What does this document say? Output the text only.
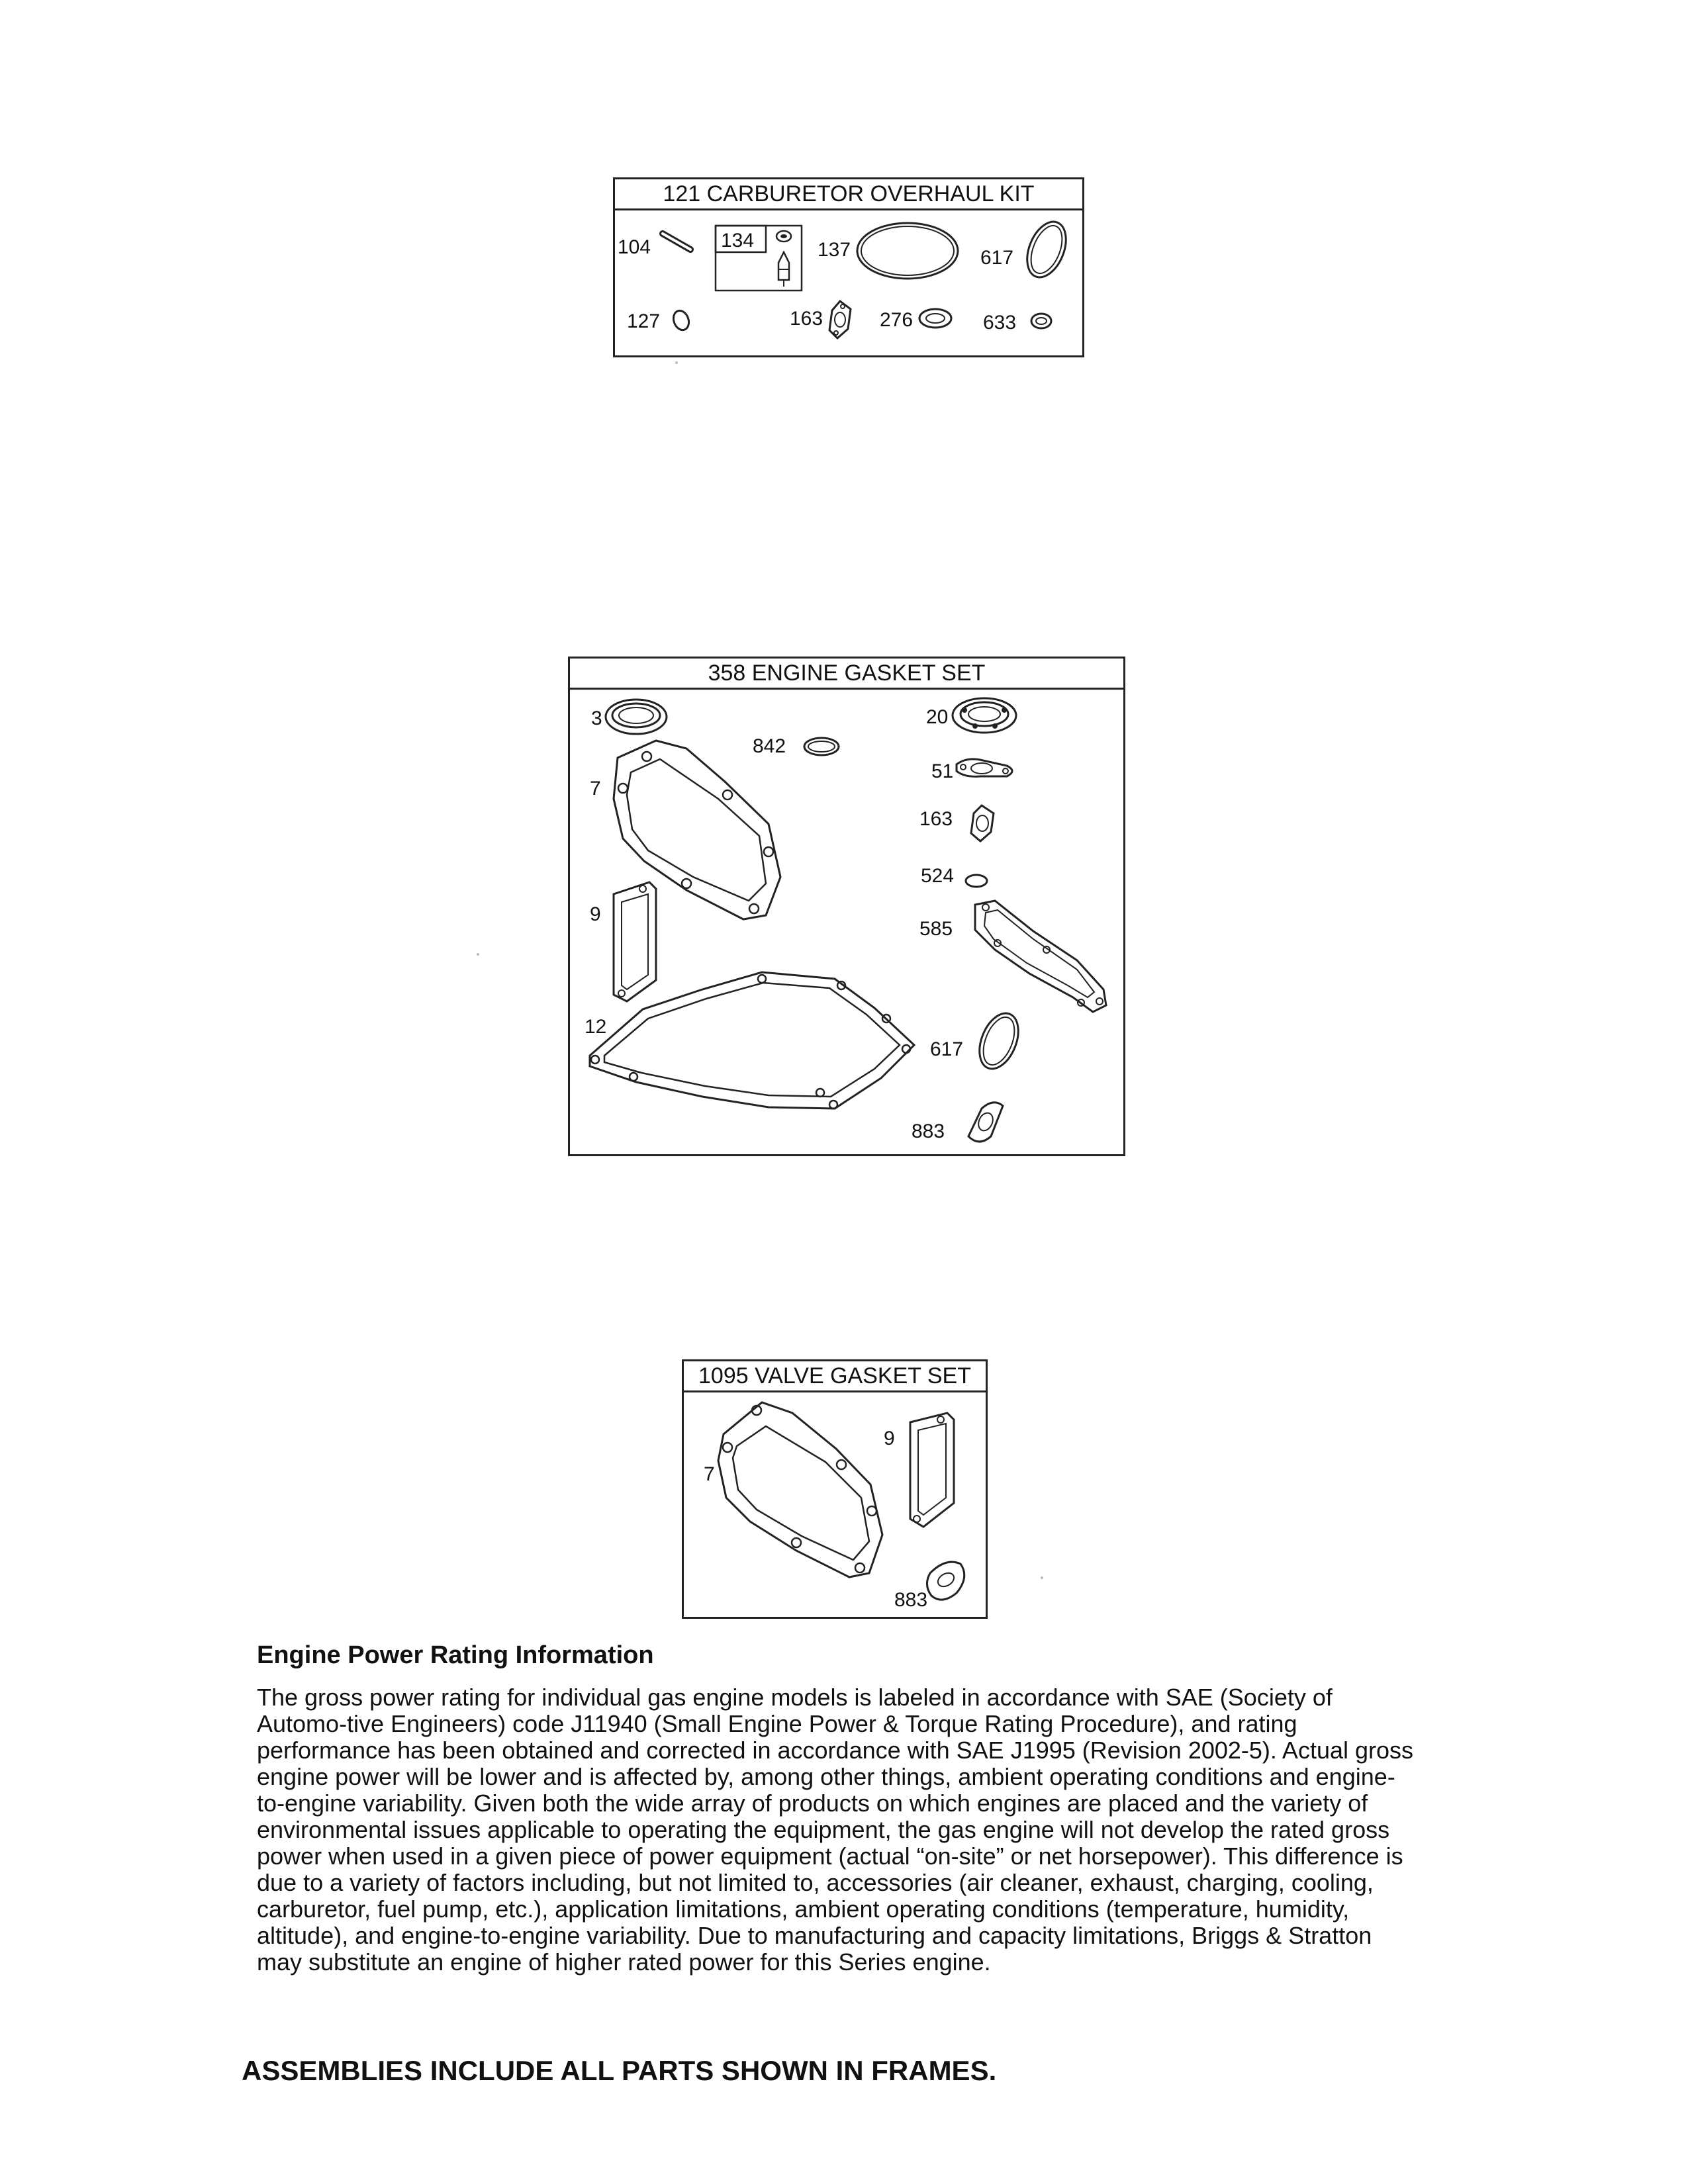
121 CARBURETOR OVERHAUL KIT
104	134	137	617
127	163	276	633
358 ENGINE GASKET SET
3
842
20
51
7
163
524
9
585
12
617
883
1095 VALVE GASKET SET
7
9
883
Engine Power Rating Information
The gross power rating for individual gas engine models is labeled in accordance with SAE (Society of Automo-tive Engineers) code J11940 (Small Engine Power & Torque Rating Procedure), and rating performance has been obtained and corrected in accordance with SAE J1995 (Revision 2002-5). Actual gross engine power will be lower and is affected by, among other things, ambient operating conditions and engine-to-engine variability. Given both the wide array of products on which engines are placed and the variety of environmental issues applicable to operating the equipment, the gas engine will not develop the rated gross power when used in a given piece of power equipment (actual “on-site” or net horsepower). This difference is due to a variety of factors including, but not limited to, accessories (air cleaner, exhaust, charging, cooling, carburetor, fuel pump, etc.), application limitations, ambient operating conditions (temperature, humidity, altitude), and engine-to-engine variability. Due to manufacturing and capacity limitations, Briggs & Stratton may substitute an engine of higher rated power for this Series engine.
ASSEMBLIES INCLUDE ALL PARTS SHOWN IN FRAMES.
